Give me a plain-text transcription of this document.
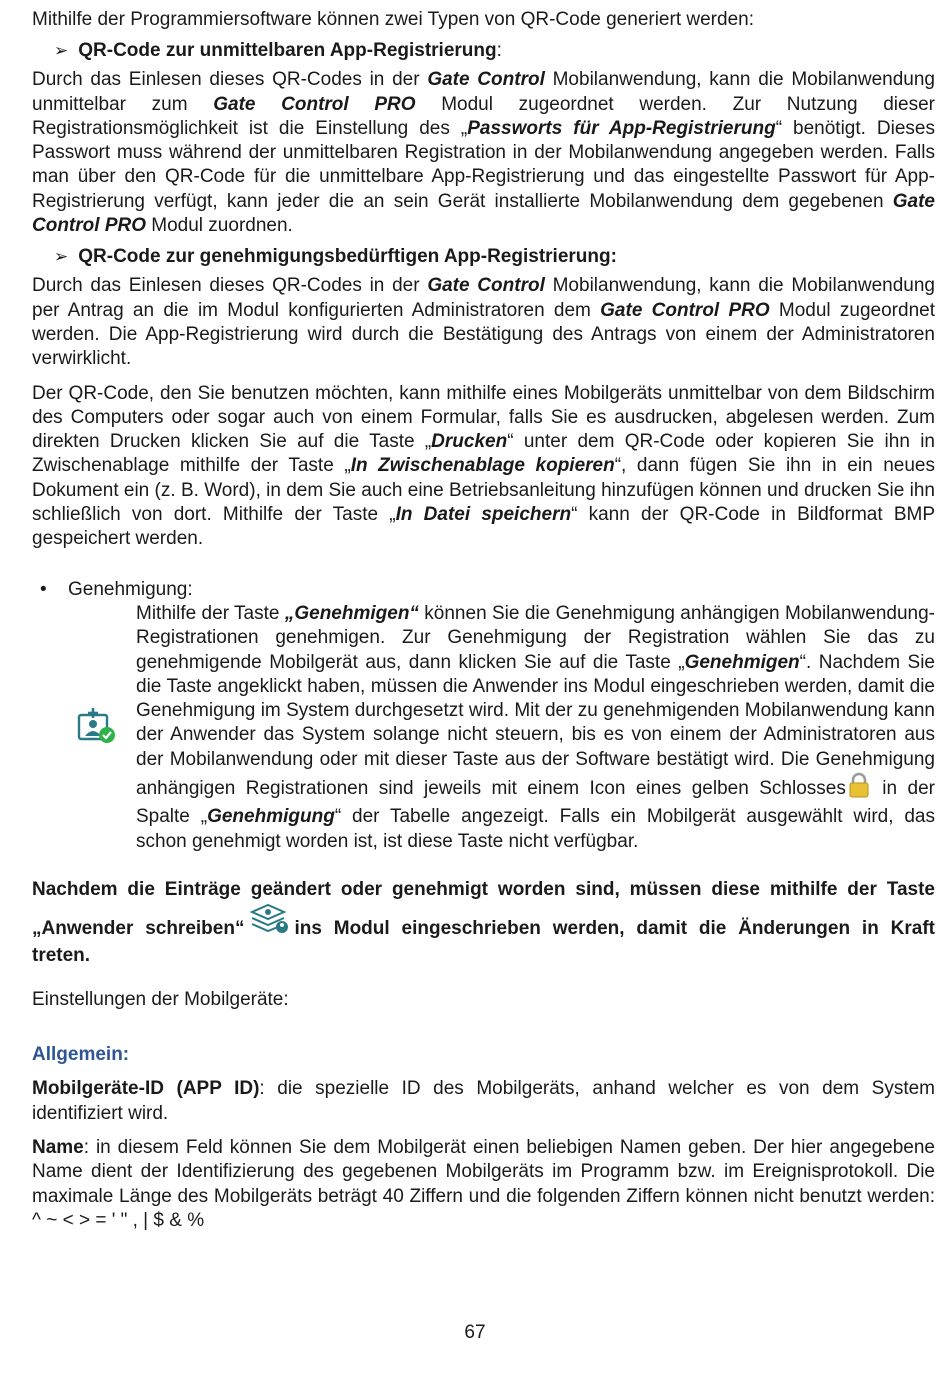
Mithilfe der Programmiersoftware können zwei Typen von QR-Code generiert werden:

➢ QR-Code zur unmittelbaren App-Registrierung :

Durch das Einlesen dieses QR-Codes in der Gate Control Mobilanwendung, kann die Mobilanwendung unmittelbar zum Gate Control PRO Modul zugeordnet werden. Zur Nutzung dieser Registrationsmöglichkeit ist die Einstellung des „Passworts für App-Registrierung“ benötigt. Dieses Passwort muss während der unmittelbaren Registration in der Mobilanwendung angegeben werden. Falls man über den QR-Code für die unmittelbare App-Registrierung und das eingestellte Passwort für App-Registrierung verfügt, kann jeder die an sein Gerät installierte Mobilanwendung dem gegebenen Gate Control PRO Modul zuordnen.

➢ QR-Code zur genehmigungsbedürftigen App-Registrierung:

Durch das Einlesen dieses QR-Codes in der Gate Control Mobilanwendung, kann die Mobilanwendung per Antrag an die im Modul konfigurierten Administratoren dem Gate Control PRO Modul zugeordnet werden. Die App-Registrierung wird durch die Bestätigung des Antrags von einem der Administratoren verwirklicht.

Der QR-Code, den Sie benutzen möchten, kann mithilfe eines Mobilgeräts unmittelbar von dem Bildschirm des Computers oder sogar auch von einem Formular, falls Sie es ausdrucken, abgelesen werden. Zum direkten Drucken klicken Sie auf die Taste „Drucken“ unter dem QR-Code oder kopieren Sie ihn in Zwischenablage mithilfe der Taste „In Zwischenablage kopieren“, dann fügen Sie ihn in ein neues Dokument ein (z. B. Word), in dem Sie auch eine Betriebsanleitung hinzufügen können und drucken Sie ihn schließlich von dort. Mithilfe der Taste „In Datei speichern“ kann der QR-Code in Bildformat BMP gespeichert werden.

•	Genehmigung:

Mithilfe der Taste „Genehmigen“ können Sie die Genehmigung anhängigen Mobilanwendung-Registrationen genehmigen. Zur Genehmigung der Registration wählen Sie das zu genehmigende Mobilgerät aus, dann klicken Sie auf die Taste „Genehmigen“. Nachdem Sie die Taste angeklickt haben, müssen die Anwender ins Modul eingeschrieben werden, damit die Genehmigung im System durchgesetzt wird. Mit der zu genehmigenden Mobilanwendung kann der Anwender das System solange nicht steuern, bis es von einem der Administratoren aus der Mobilanwendung oder mit dieser Taste aus der Software bestätigt wird. Die Genehmigung anhängigen Registrationen sind jeweils mit einem Icon eines gelben Schlosses in der Spalte „Genehmigung“ der Tabelle angezeigt. Falls ein Mobilgerät ausgewählt wird, das schon genehmigt worden ist, ist diese Taste nicht verfügbar.

Nachdem die Einträge geändert oder genehmigt worden sind, müssen diese mithilfe der Taste „Anwender schreiben“	ins Modul eingeschrieben werden, damit die Änderungen in Kraft treten.

Einstellungen der Mobilgeräte:

Allgemein:

Mobilgeräte-ID (APP ID): die spezielle ID des Mobilgeräts, anhand welcher es von dem System identifiziert wird.

Name: in diesem Feld können Sie dem Mobilgerät einen beliebigen Namen geben. Der hier angegebene Name dient der Identifizierung des gegebenen Mobilgeräts im Programm bzw. im Ereignisprotokoll. Die maximale Länge des Mobilgeräts beträgt 40 Ziffern und die folgenden Ziffern können nicht benutzt werden: ^ ~ < > = ' " , | $ & %

67
